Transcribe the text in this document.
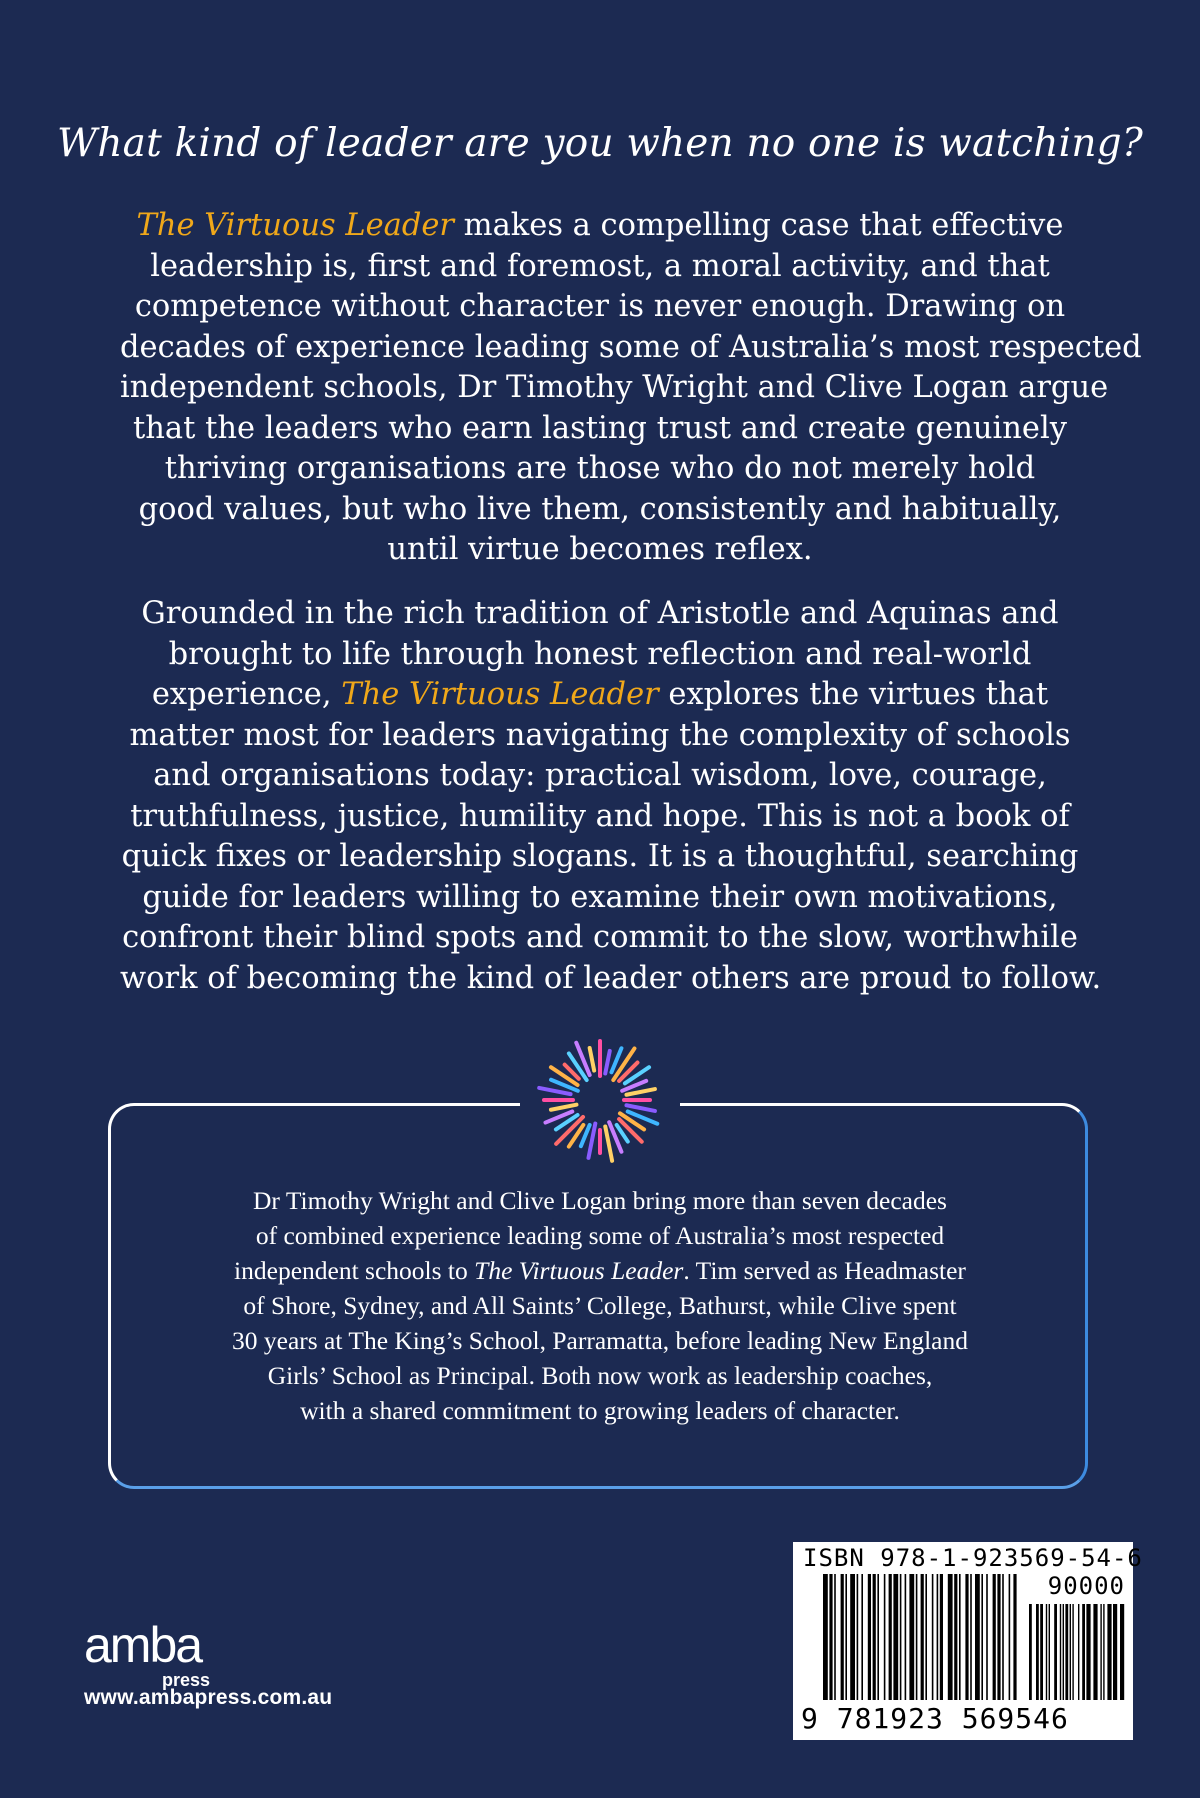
What kind of leader are you when no one is watching?
The Virtuous Leader makes a compelling case that effective
leadership is, first and foremost, a moral activity, and that
competence without character is never enough. Drawing on
decades of experience leading some of Australia’s most respected
independent schools, Dr Timothy Wright and Clive Logan argue
that the leaders who earn lasting trust and create genuinely
thriving organisations are those who do not merely hold
good values, but who live them, consistently and habitually,
until virtue becomes reflex.
Grounded in the rich tradition of Aristotle and Aquinas and
brought to life through honest reflection and real-world
experience, The Virtuous Leader explores the virtues that
matter most for leaders navigating the complexity of schools
and organisations today: practical wisdom, love, courage,
truthfulness, justice, humility and hope. This is not a book of
quick fixes or leadership slogans. It is a thoughtful, searching
guide for leaders willing to examine their own motivations,
confront their blind spots and commit to the slow, worthwhile
work of becoming the kind of leader others are proud to follow.
Dr Timothy Wright and Clive Logan bring more than seven decades
of combined experience leading some of Australia’s most respected
independent schools to The Virtuous Leader. Tim served as Headmaster
of Shore, Sydney, and All Saints’ College, Bathurst, while Clive spent
30 years at The King’s School, Parramatta, before leading New England
Girls’ School as Principal. Both now work as leadership coaches,
with a shared commitment to growing leaders of character.
amba
press
www.ambapress.com.au
ISBN 978-1-923569-54-6
90000
9 781923 569546
